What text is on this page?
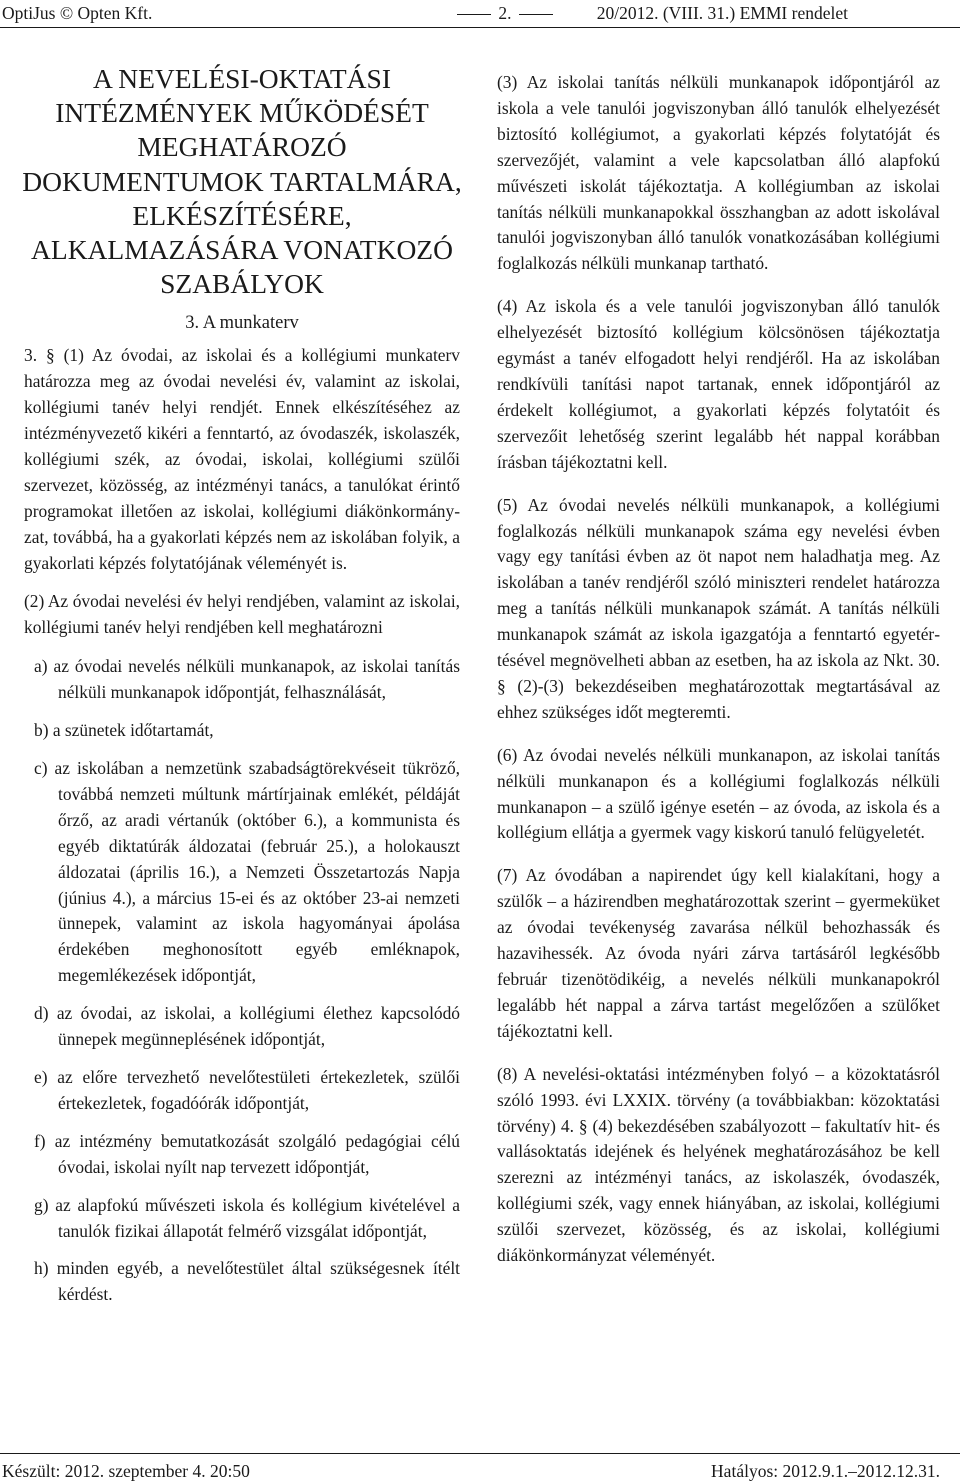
OptiJus © Opten Kft.	2.	20/2012. (VIII. 31.) EMMI rendelet
A NEVELÉSI-OKTATÁSI INTÉZMÉNYEK MŰKÖDÉSÉT MEGHATÁROZÓ DOKUMENTUMOK TARTALMÁRA, ELKÉSZÍTÉSÉRE, ALKALMAZÁSÁRA VONATKOZÓ SZABÁLYOK
3. A munkaterv

3. § (1) Az óvodai, az iskolai és a kollégiumi munkaterv határozza meg az óvodai nevelési év, valamint az iskolai, kollégiumi tanév helyi rendjét. Ennek elkészítéséhez az intézményvezető kikéri a fenntartó, az óvodaszék, iskolaszék, kollégiumi szék, az óvodai, iskolai, kollégiumi szülői szervezet, közösség, az intézményi tanács, a tanulókat érintő programokat illetően az iskolai, kollégiumi diákönkormányzat, továbbá, ha a gyakorlati képzés nem az iskolában folyik, a gyakorlati képzés folytatójának véleményét is.

(2) Az óvodai nevelési év helyi rendjében, valamint az iskolai, kollégiumi tanév helyi rendjében kell meghatározni

a) az óvodai nevelés nélküli munkanapok, az iskolai tanítás nélküli munkanapok időpontját, felhasználását,
b) a szünetek időtartamát,
c) az iskolában a nemzetünk szabadságtörekvéseit tükröző, továbbá nemzeti múltunk mártírjainak emlékét, példáját őrző, az aradi vértanúk (október 6.), a kommunista és egyéb diktatúrák áldozatai (február 25.), a holokauszt áldozatai (április 16.), a Nemzeti Összetartozás Napja (június 4.), a március 15-ei és az október 23-ai nemzeti ünnepek, valamint az iskola hagyományai ápolása érdekében meghonosított egyéb emléknapok, megemlékezések időpontját,
d) az óvodai, az iskolai, a kollégiumi élethez kapcsolódó ünnepek megünneplésének időpontját,
e) az előre tervezhető nevelőtestületi értekezletek, szülői értekezletek, fogadóórák időpontját,
f) az intézmény bemutatkozását szolgáló pedagógiai célú óvodai, iskolai nyílt nap tervezett időpontját,
g) az alapfokú művészeti iskola és kollégium kivételével a tanulók fizikai állapotát felmérő vizsgálat időpontját,
h) minden egyéb, a nevelőtestület által szükségesnek ítélt kérdést.

(3) Az iskolai tanítás nélküli munkanapok időpontjáról az iskola a vele tanulói jogviszonyban álló tanulók elhelyezését biztosító kollégiumot, a gyakorlati képzés folytatóját és szervezőjét, valamint a vele kapcsolatban álló alapfokú művészeti iskolát tájékoztatja. A kollégiumban az iskolai tanítás nélküli munkanapokkal összhangban az adott iskolával tanulói jogviszonyban álló tanulók vonatkozásában kollégiumi foglalkozás nélküli munkanap tartható.

(4) Az iskola és a vele tanulói jogviszonyban álló tanulók elhelyezését biztosító kollégium kölcsönösen tájékoztatja egymást a tanév elfogadott helyi rendjéről. Ha az iskolában rendkívüli tanítási napot tartanak, ennek időpontjáról az érdekelt kollégiumot, a gyakorlati képzés folytatóit és szervezőit lehetőség szerint legalább hét nappal korábban írásban tájékoztatni kell.

(5) Az óvodai nevelés nélküli munkanapok, a kollégiumi foglalkozás nélküli munkanapok száma egy nevelési évben vagy egy tanítási évben az öt napot nem haladhatja meg. Az iskolában a tanév rendjéről szóló miniszteri rendelet határozza meg a tanítás nélküli munkanapok számát. A tanítás nélküli munkanapok számát az iskola igazgatója a fenntartó egyetértésével megnövelheti abban az esetben, ha az iskola az Nkt. 30. § (2)-(3) bekezdéseiben meghatározottak megtartásával az ehhez szükséges időt megteremti.

(6) Az óvodai nevelés nélküli munkanapon, az iskolai tanítás nélküli munkanapon és a kollégiumi foglalkozás nélküli munkanapon – a szülő igénye esetén – az óvoda, az iskola és a kollégium ellátja a gyermek vagy kiskorú tanuló felügyeletét.

(7) Az óvodában a napirendet úgy kell kialakítani, hogy a szülők – a házirendben meghatározottak szerint – gyermeküket az óvodai tevékenység zavarása nélkül behozhassák és hazavihessék. Az óvoda nyári zárva tartásáról legkésőbb február tizenötödikéig, a nevelés nélküli munkanapokról legalább hét nappal a zárva tartást megelőzően a szülőket tájékoztatni kell.

(8) A nevelési-oktatási intézményben folyó – a közoktatásról szóló 1993. évi LXXIX. törvény (a továbbiakban: közoktatási törvény) 4. § (4) bekezdésében szabályozott – fakultatív hit- és vallásoktatás idejének és helyének meghatározásához be kell szerezni az intézményi tanács, az iskolaszék, óvodaszék, kollégiumi szék, vagy ennek hiányában, az iskolai, kollégiumi szülői szervezet, közösség, és az iskolai, kollégiumi diákönkormányzat véleményét.

Készült: 2012. szeptember 4. 20:50	Hatályos: 2012.9.1.–2012.12.31.
